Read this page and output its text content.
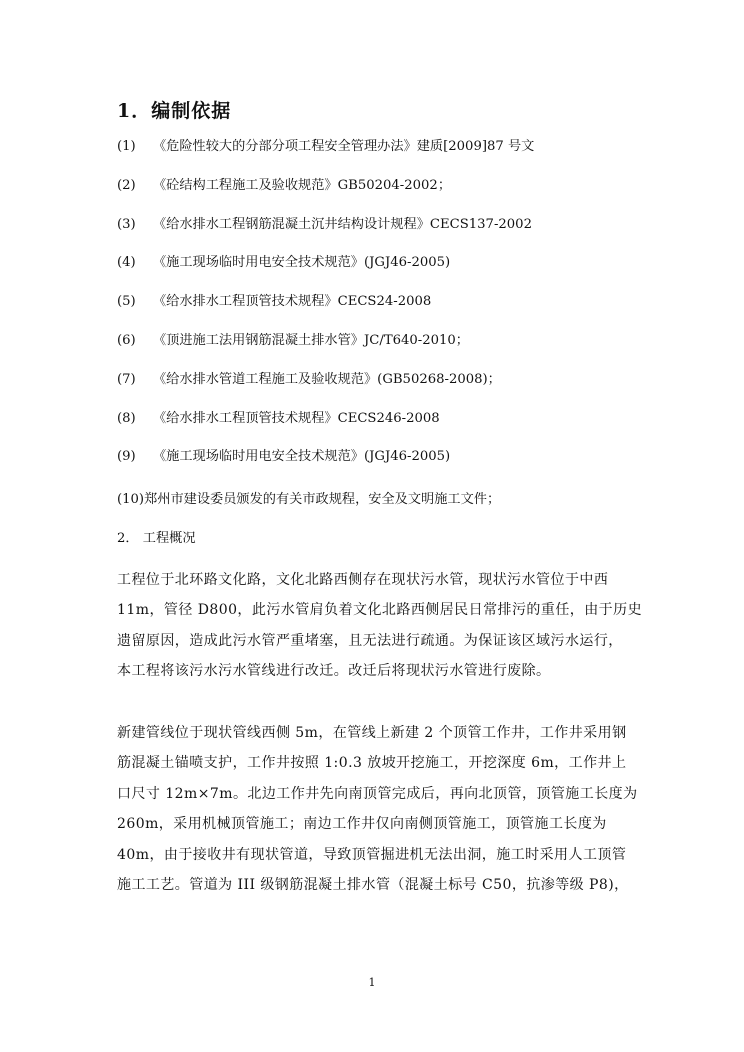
1．编制依据
(1) 《危险性较大的分部分项工程安全管理办法》建质[2009]87 号文
(2) 《砼结构工程施工及验收规范》GB50204-2002；
(3) 《给水排水工程钢筋混凝土沉井结构设计规程》CECS137-2002
(4) 《施工现场临时用电安全技术规范》(JGJ46-2005)
(5) 《给水排水工程顶管技术规程》CECS24-2008
(6) 《顶进施工法用钢筋混凝土排水管》JC/T640-2010；
(7) 《给水排水管道工程施工及验收规范》(GB50268-2008)；
(8) 《给水排水工程顶管技术规程》CECS246-2008
(9) 《施工现场临时用电安全技术规范》(JGJ46-2005)
(10)郑州市建设委员颁发的有关市政规程，安全及文明施工文件；
2． 工程概况

工程位于北环路文化路，文化北路西侧存在现状污水管，现状污水管位于中西
11m，管径 D800，此污水管肩负着文化北路西侧居民日常排污的重任，由于历史
遗留原因，造成此污水管严重堵塞，且无法进行疏通。为保证该区域污水运行，
本工程将该污水污水管线进行改迁。改迁后将现状污水管进行废除。

新建管线位于现状管线西侧 5m，在管线上新建 2 个顶管工作井，工作井采用钢
筋混凝土锚喷支护，工作井按照 1:0.3 放坡开挖施工，开挖深度 6m，工作井上
口尺寸 12m×7m。北边工作井先向南顶管完成后，再向北顶管，顶管施工长度为
260m，采用机械顶管施工；南边工作井仅向南侧顶管施工，顶管施工长度为
40m，由于接收井有现状管道，导致顶管掘进机无法出洞，施工时采用人工顶管
施工工艺。管道为 III 级钢筋混凝土排水管（混凝土标号 C50，抗渗等级 P8)，

1
